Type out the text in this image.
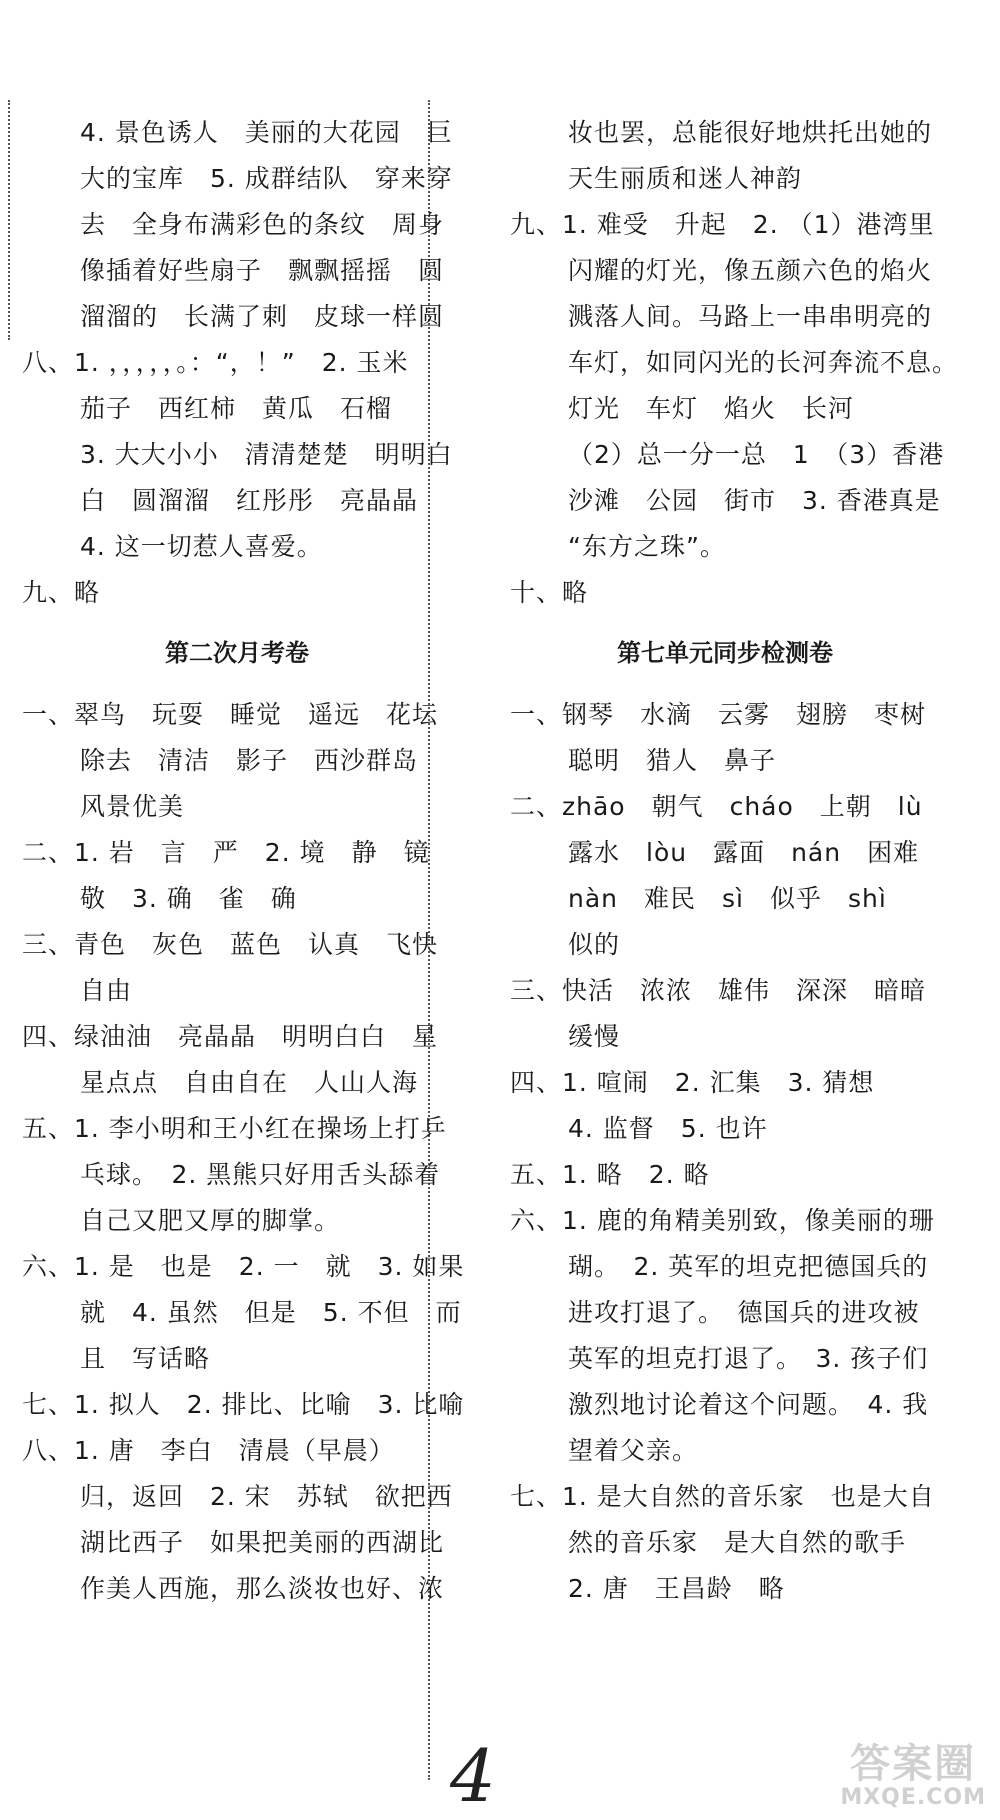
4. 景色诱人　美丽的大花园　巨
大的宝库　5. 成群结队　穿来穿
去　全身布满彩色的条纹　周身
像插着好些扇子　飘飘摇摇　圆
溜溜的　长满了刺　皮球一样圆
八、1. ，，，，，。：“，！”　2. 玉米
茄子　西红柿　黄瓜　石榴
3. 大大小小　清清楚楚　明明白
白　圆溜溜　红彤彤　亮晶晶
4. 这一切惹人喜爱。
九、略
第二次月考卷
一、翠鸟　玩耍　睡觉　遥远　花坛
除去　清洁　影子　西沙群岛
风景优美
二、1. 岩　言　严　2. 境　静　镜
敬　3. 确　雀　确
三、青色　灰色　蓝色　认真　飞快
自由
四、绿油油　亮晶晶　明明白白　星
星点点　自由自在　人山人海
五、1. 李小明和王小红在操场上打乒
乓球。　2. 黑熊只好用舌头舔着
自己又肥又厚的脚掌。
六、1. 是　也是　2. 一　就　3. 如果
就　4. 虽然　但是　5. 不但　而
且　写话略
七、1. 拟人　2. 排比、比喻　3. 比喻
八、1. 唐　李白　清晨（早晨）
归，返回　2. 宋　苏轼　欲把西
湖比西子　如果把美丽的西湖比
作美人西施，那么淡妆也好、浓
妆也罢，总能很好地烘托出她的
天生丽质和迷人神韵
九、1. 难受　升起　2. （1）港湾里
闪耀的灯光，像五颜六色的焰火
溅落人间。马路上一串串明亮的
车灯，如同闪光的长河奔流不息。
灯光　车灯　焰火　长河
（2）总一分一总　1　（3）香港
沙滩　公园　街市　3. 香港真是
“东方之珠”。
十、略
第七单元同步检测卷
一、钢琴　水滴　云雾　翅膀　枣树
聪明　猎人　鼻子
二、zhāo　朝气　cháo　上朝　lù
露水　lòu　露面　nán　困难
nàn　难民　sì　似乎　shì
似的
三、快活　浓浓　雄伟　深深　暗暗
缓慢
四、1. 喧闹　2. 汇集　3. 猜想
4. 监督　5. 也许
五、1. 略　2. 略
六、1. 鹿的角精美别致，像美丽的珊
瑚。　2. 英军的坦克把德国兵的
进攻打退了。　德国兵的进攻被
英军的坦克打退了。　3. 孩子们
激烈地讨论着这个问题。　4. 我
望着父亲。
七、1. 是大自然的音乐家　也是大自
然的音乐家　是大自然的歌手
2. 唐　王昌龄　略
4	答案圈
MXQE.COM
